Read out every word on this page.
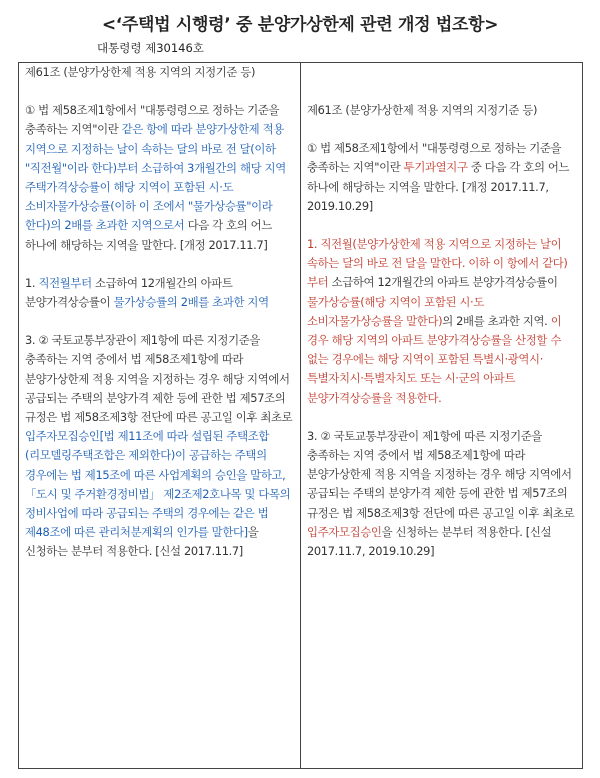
<‘주택법 시행령’ 중 분양가상한제 관련 개정 법조항>
대통령령 제30146호

제61조 (분양가상한제 적용 지역의 지정기준 등)

① 법 제58조제1항에서 "대통령령으로 정하는 기준을 충족하는 지역"이란 같은 항에 따라 분양가상한제 적용 지역으로 지정하는 날이 속하는 달의 바로 전 달(이하 "직전월"이라 한다)부터 소급하여 3개월간의 해당 지역 주택가격상승률이 해당 지역이 포함된 시·도 소비자물가상승률(이하 이 조에서 "물가상승률"이라 한다)의 2배를 초과한 지역으로서 다음 각 호의 어느 하나에 해당하는 지역을 말한다. [개정 2017.11.7]

1. 직전월부터 소급하여 12개월간의 아파트 분양가격상승률이 물가상승률의 2배를 초과한 지역

3. ② 국토교통부장관이 제1항에 따른 지정기준을 충족하는 지역 중에서 법 제58조제1항에 따라 분양가상한제 적용 지역을 지정하는 경우 해당 지역에서 공급되는 주택의 분양가격 제한 등에 관한 법 제57조의 규정은 법 제58조제3항 전단에 따른 공고일 이후 최초로 입주자모집승인[법 제11조에 따라 설립된 주택조합(리모델링주택조합은 제외한다)이 공급하는 주택의 경우에는 법 제15조에 따른 사업계획의 승인을 말하고,「도시 및 주거환경정비법」 제2조제2호나목 및 다목의 정비사업에 따라 공급되는 주택의 경우에는 같은 법 제48조에 따른 관리처분계획의 인가를 말한다]을 신청하는 분부터 적용한다. [신설 2017.11.7]

제61조 (분양가상한제 적용 지역의 지정기준 등)

① 법 제58조제1항에서 "대통령령으로 정하는 기준을 충족하는 지역"이란 투기과열지구 중 다음 각 호의 어느 하나에 해당하는 지역을 말한다. [개정 2017.11.7, 2019.10.29]

1. 직전월(분양가상한제 적용 지역으로 지정하는 날이 속하는 달의 바로 전 달을 말한다. 이하 이 항에서 같다)부터 소급하여 12개월간의 아파트 분양가격상승률이 물가상승률(해당 지역이 포함된 시·도 소비자물가상승률을 말한다)의 2배를 초과한 지역. 이 경우 해당 지역의 아파트 분양가격상승률을 산정할 수 없는 경우에는 해당 지역이 포함된 특별시·광역시·특별자치시·특별자치도 또는 시·군의 아파트 분양가격상승률을 적용한다.

3. ② 국토교통부장관이 제1항에 따른 지정기준을 충족하는 지역 중에서 법 제58조제1항에 따라 분양가상한제 적용 지역을 지정하는 경우 해당 지역에서 공급되는 주택의 분양가격 제한 등에 관한 법 제57조의 규정은 법 제58조제3항 전단에 따른 공고일 이후 최초로 입주자모집승인을 신청하는 분부터 적용한다. [신설 2017.11.7, 2019.10.29]
